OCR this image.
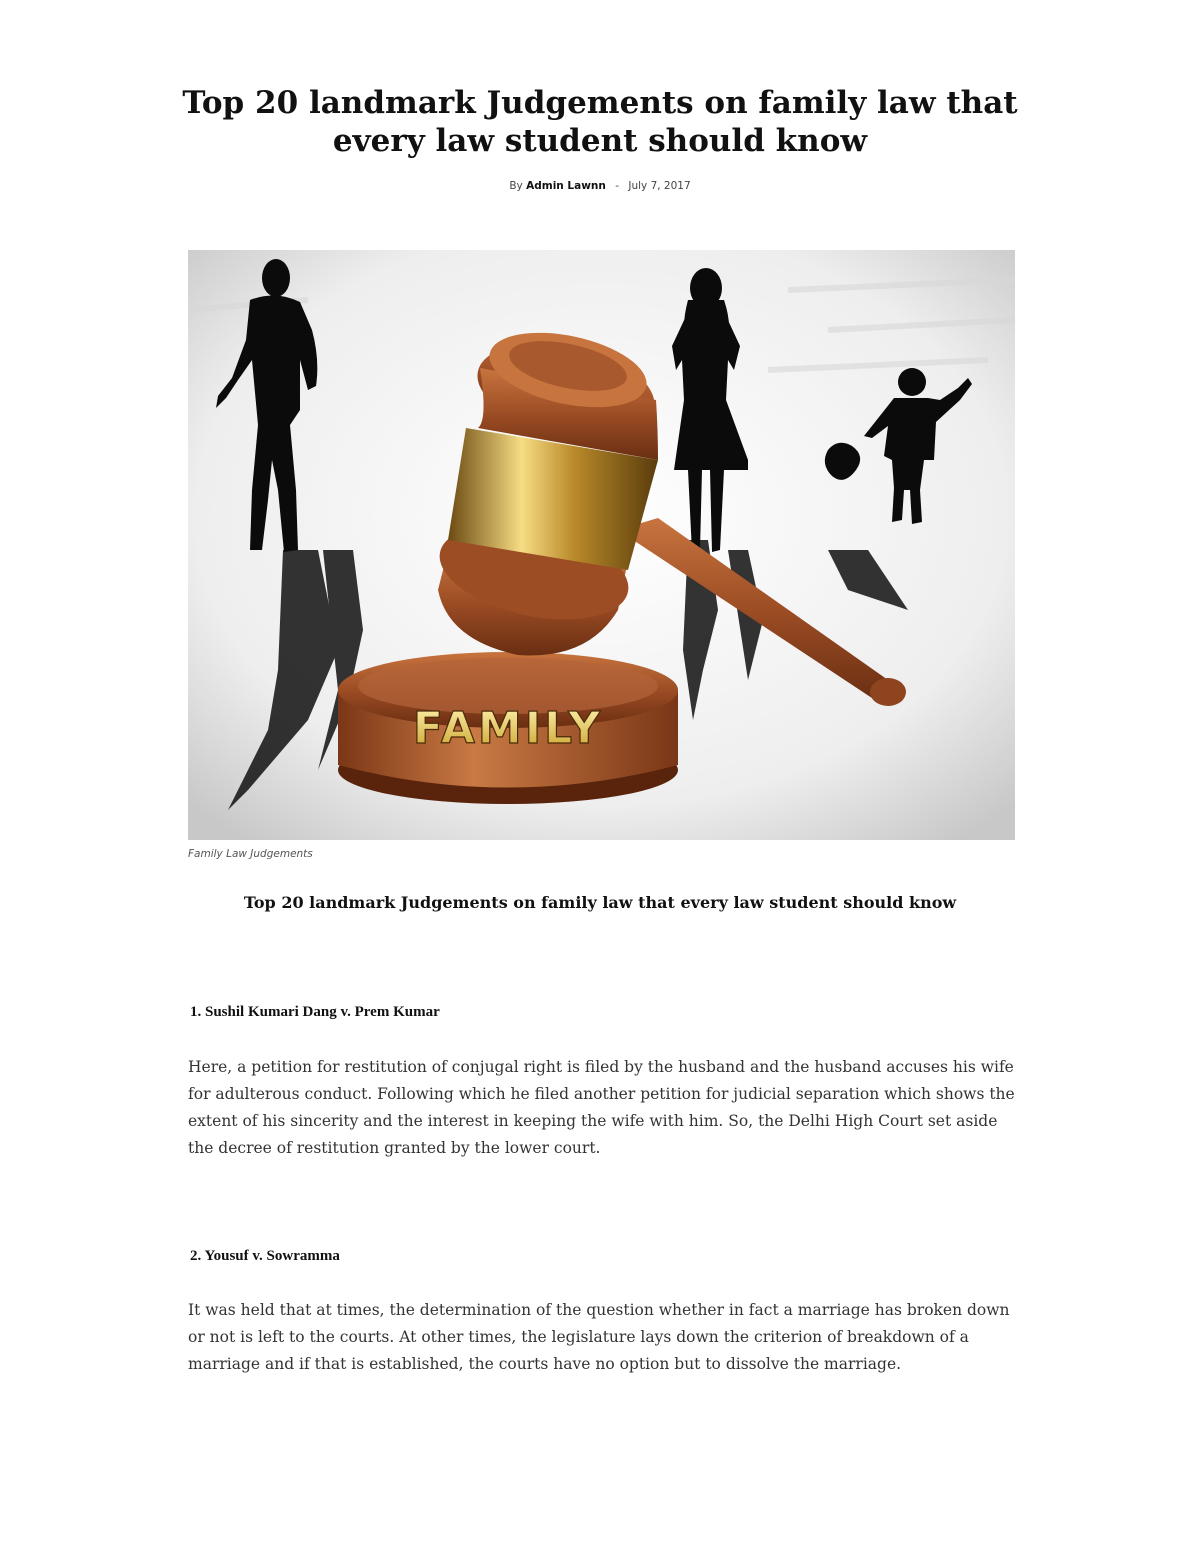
Top 20 landmark Judgements on family law that every law student should know
By Admin Lawnn - July 7, 2017
FAMILY
Family Law Judgements
Top 20 landmark Judgements on family law that every law student should know
1. Sushil Kumari Dang v. Prem Kumar

Here, a petition for restitution of conjugal right is filed by the husband and the husband accuses his wife for adulterous conduct. Following which he filed another petition for judicial separation which shows the extent of his sincerity and the interest in keeping the wife with him. So, the Delhi High Court set aside the decree of restitution granted by the lower court.

2. Yousuf v. Sowramma

It was held that at times, the determination of the question whether in fact a marriage has broken down or not is left to the courts. At other times, the legislature lays down the criterion of breakdown of a marriage and if that is established, the courts have no option but to dissolve the marriage.
